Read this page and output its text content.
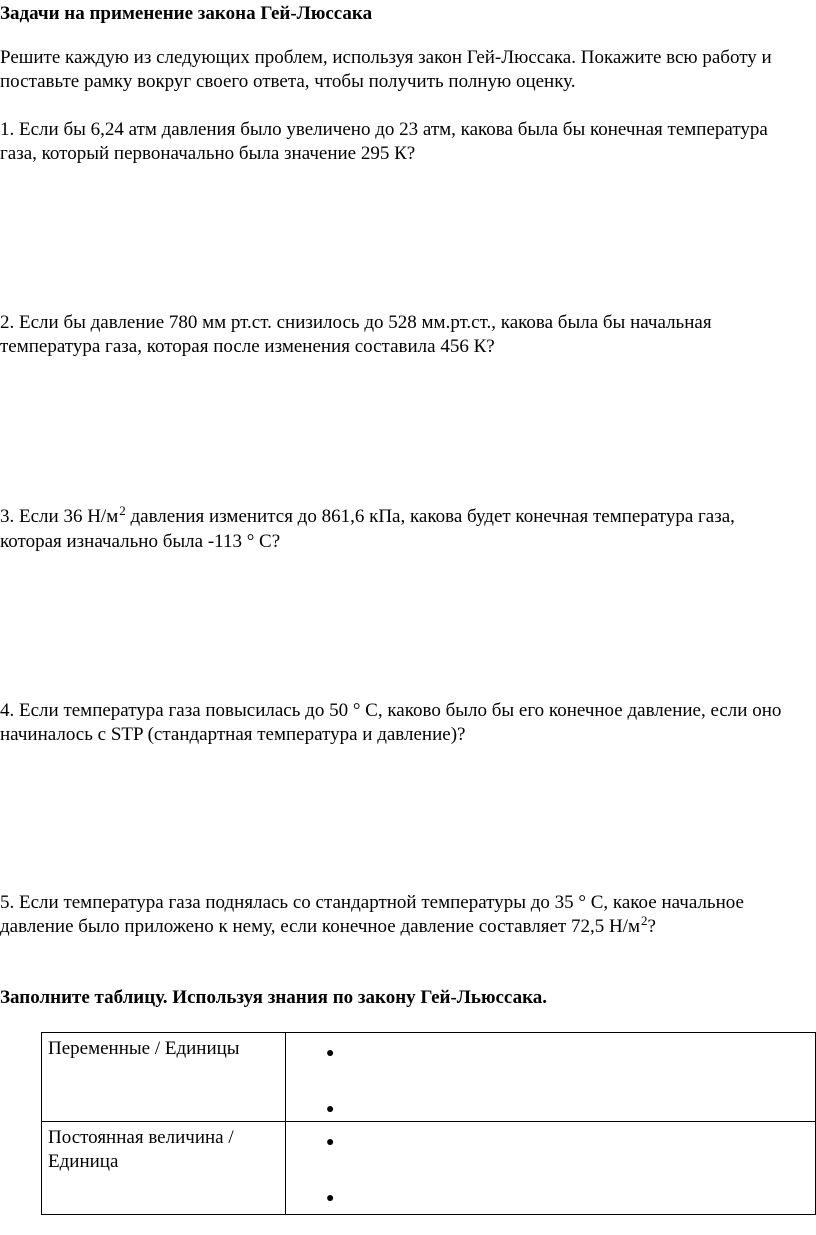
Задачи на применение закона Гей-Люссака

Решите каждую из следующих проблем, используя закон Гей-Люссака. Покажите всю работу и поставьте рамку вокруг своего ответа, чтобы получить полную оценку.

1. Если бы 6,24 атм давления было увеличено до 23 атм, какова была бы конечная температура газа, который первоначально была значение 295 К?

2. Если бы давление 780 мм рт.ст. снизилось до 528 мм.рт.ст., какова была бы начальная температура газа, которая после изменения составила 456 К?

3. Если 36 $Н/м^2$ давления изменится до 861,6 кПа, какова будет конечная температура газа, которая изначально была -113 ° С?

4. Если температура газа повысилась до 50 ° С, каково было бы его конечное давление, если оно начиналось с STP (стандартная температура и давление)?

5. Если температура газа поднялась со стандартной температуры до 35 ° С, какое начальное давление было приложено к нему, если конечное давление составляет 72,5 $Н/м^2$?

Заполните таблицу. Используя знания по закону Гей-Льюссака.

Переменные / Единицы	●
●

Постоянная величина / Единица	●
●
